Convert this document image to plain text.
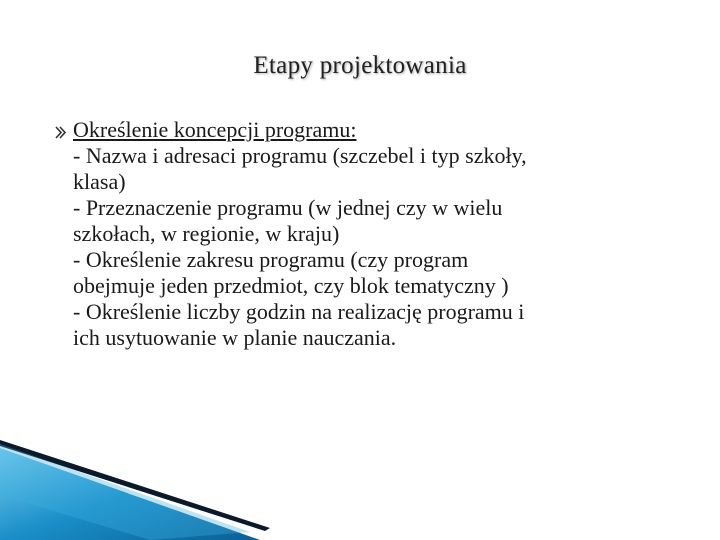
Etapy projektowania
Określenie koncepcji programu:
- Nazwa i adresaci programu (szczebel i typ szkoły,
klasa)
- Przeznaczenie programu (w jednej czy w wielu
szkołach, w regionie, w kraju)
- Określenie zakresu programu (czy program
obejmuje jeden przedmiot, czy blok tematyczny )
- Określenie liczby godzin na realizację programu i
ich usytuowanie w planie nauczania.
